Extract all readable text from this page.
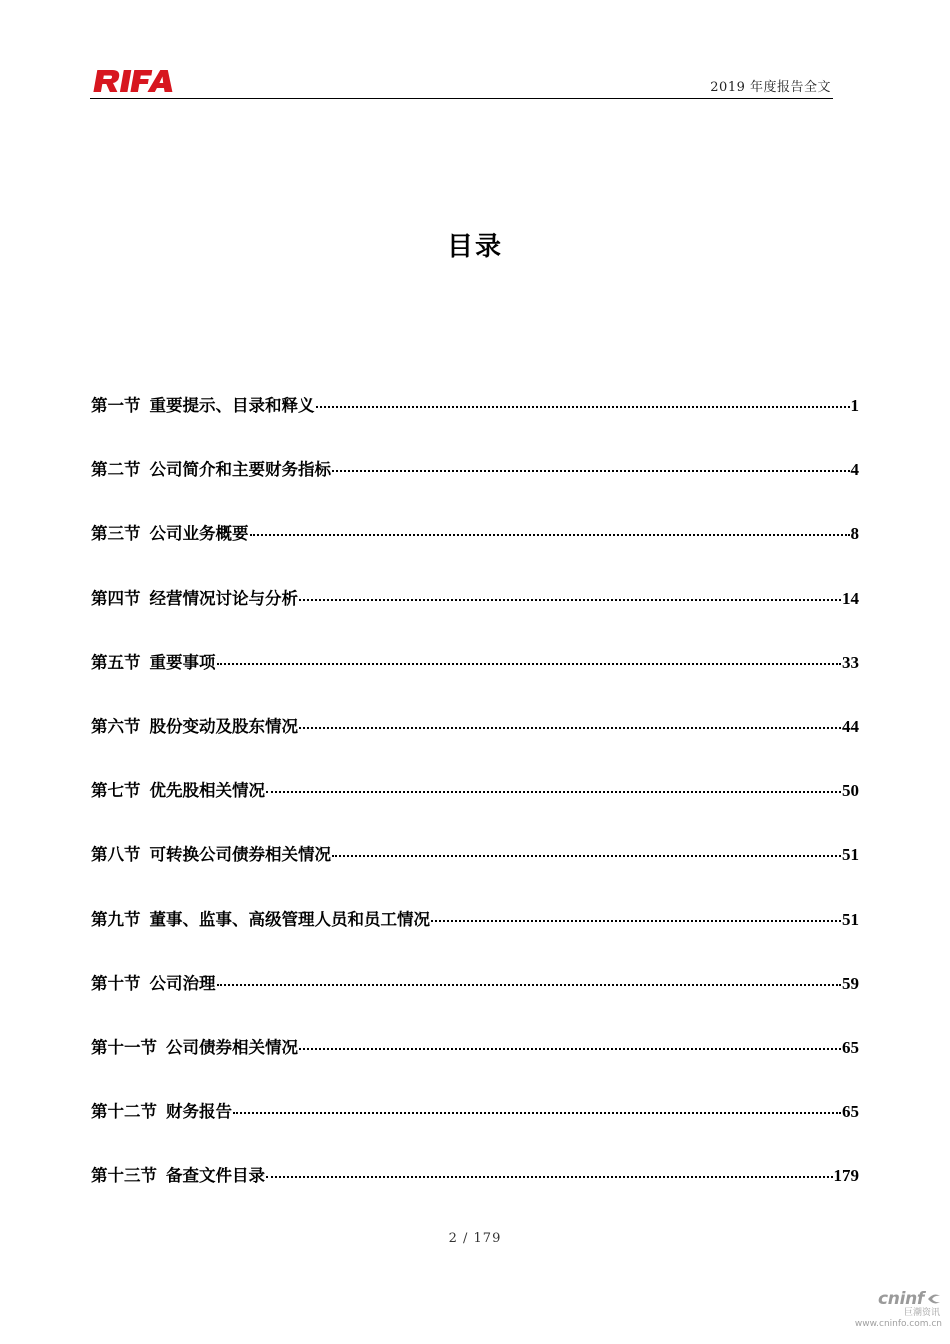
2019 年度报告全文
目录
第一节 重要提示、目录和释义	1
第二节 公司简介和主要财务指标	4
第三节 公司业务概要	8
第四节 经营情况讨论与分析	14
第五节 重要事项	33
第六节 股份变动及股东情况	44
第七节 优先股相关情况	50
第八节 可转换公司债券相关情况	51
第九节 董事、监事、高级管理人员和员工情况	51
第十节 公司治理	59
第十一节 公司债券相关情况	65
第十二节 财务报告	65
第十三节 备查文件目录	179
2 / 179
cninf
巨潮资讯
www.cninfo.com.cn
